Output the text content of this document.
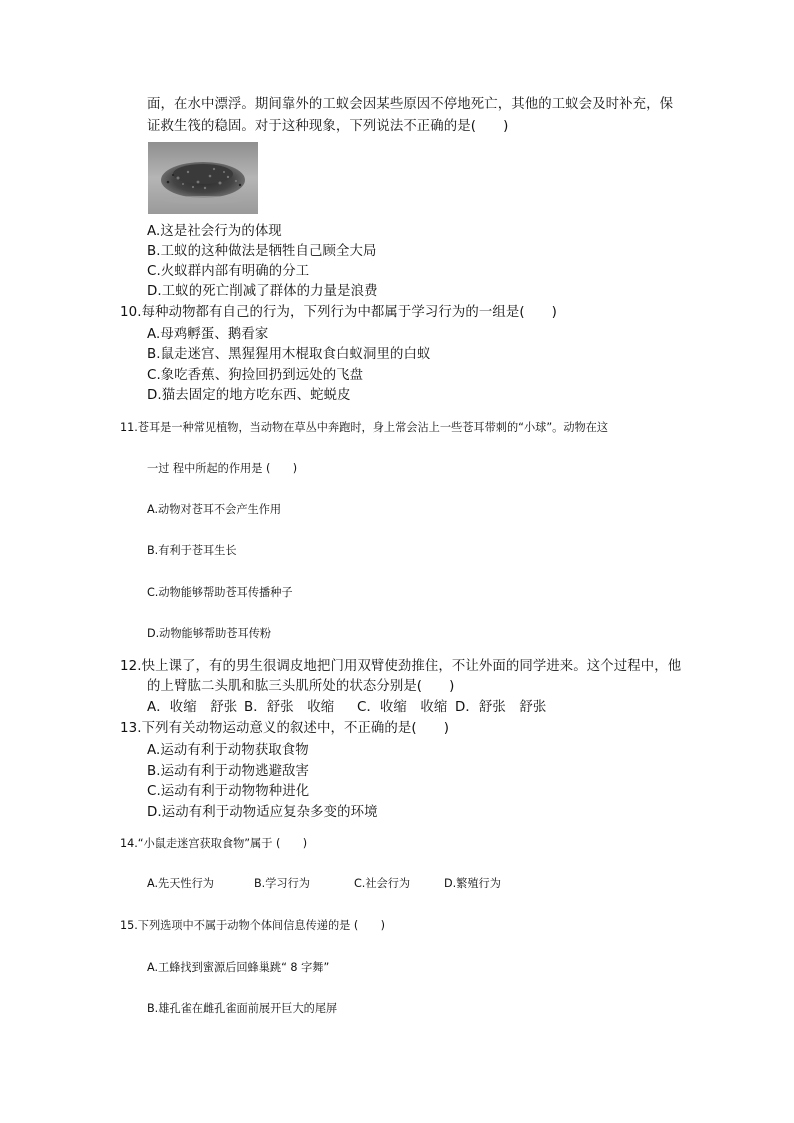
面，在水中漂浮。期间靠外的工蚁会因某些原因不停地死亡，其他的工蚁会及时补充，保
证救生筏的稳固。对于这种现象，下列说法不正确的是(　　)
A.这是社会行为的体现
B.工蚁的这种做法是牺牲自己顾全大局
C.火蚁群内部有明确的分工
D.工蚁的死亡削减了群体的力量是浪费
10.每种动物都有自己的行为，下列行为中都属于学习行为的一组是(　　)
A.母鸡孵蛋、鹅看家
B.鼠走迷宫、黑猩猩用木棍取食白蚁洞里的白蚁
C.象吃香蕉、狗捡回扔到远处的飞盘
D.猫去固定的地方吃东西、蛇蜕皮
11.苍耳是一种常见植物，当动物在草丛中奔跑时，身上常会沾上一些苍耳带刺的“小球”。动物在这
一过 程中所起的作用是 (　　)
A.动物对苍耳不会产生作用
B.有利于苍耳生长
C.动物能够帮助苍耳传播种子
D.动物能够帮助苍耳传粉
12.快上课了，有的男生很调皮地把门用双臂使劲推住，不让外面的同学进来。这个过程中，他
的上臂肱二头肌和肱三头肌所处的状态分别是(　　)
A．收缩　舒张 B．舒张　收缩 C．收缩　收缩 D．舒张　舒张
13.下列有关动物运动意义的叙述中，不正确的是(　　)
A.运动有利于动物获取食物
B.运动有利于动物逃避敌害
C.运动有利于动物物种进化
D.运动有利于动物适应复杂多变的环境
14.“小鼠走迷宫获取食物”属于 (　　)
A.先天性行为	B.学习行为	C.社会行为	D.繁殖行为
15.下列选项中不属于动物个体间信息传递的是 (　　)
A.工蜂找到蜜源后回蜂巢跳“ 8 字舞”
B.雄孔雀在雌孔雀面前展开巨大的尾屏
